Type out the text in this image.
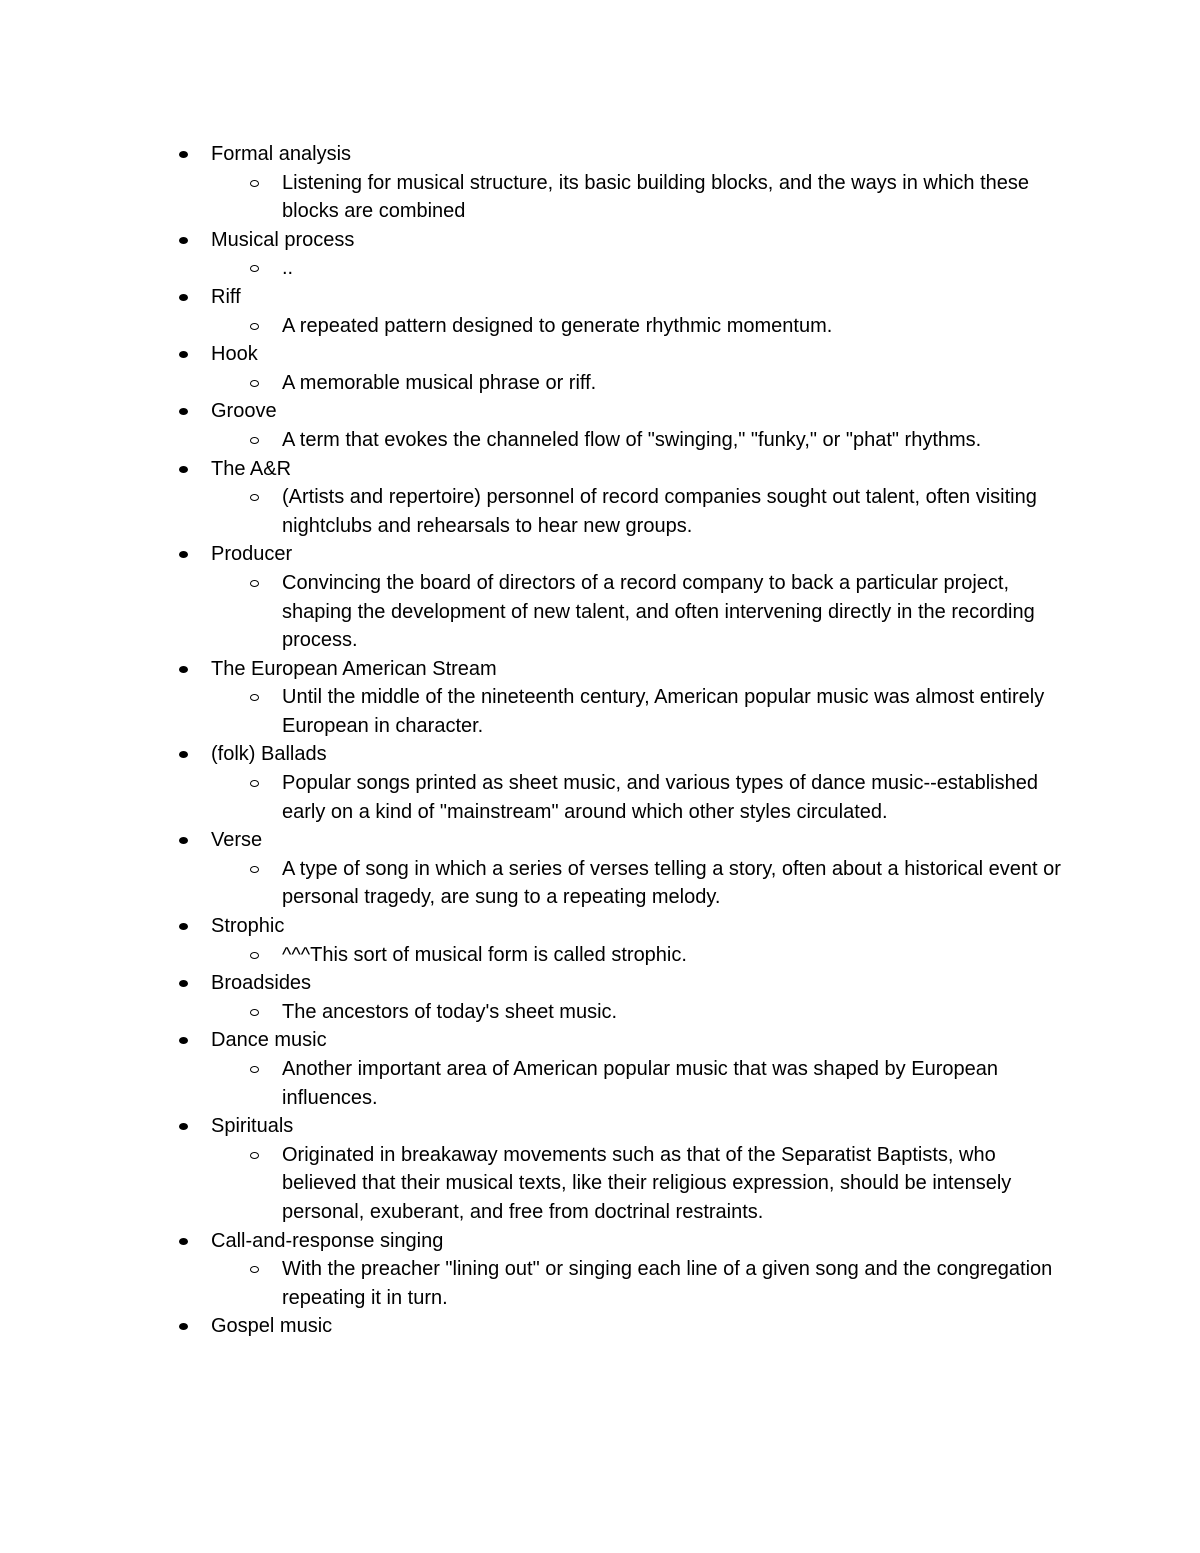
Formal analysis
Listening for musical structure, its basic building blocks, and the ways in which these blocks are combined
Musical process
..
Riff
A repeated pattern designed to generate rhythmic momentum.
Hook
A memorable musical phrase or riff.
Groove
A term that evokes the channeled flow of "swinging," "funky," or "phat" rhythms.
The A&R
(Artists and repertoire) personnel of record companies sought out talent, often visiting nightclubs and rehearsals to hear new groups.
Producer
Convincing the board of directors of a record company to back a particular project, shaping the development of new talent, and often intervening directly in the recording process.
The European American Stream
Until the middle of the nineteenth century, American popular music was almost entirely European in character.
(folk) Ballads
Popular songs printed as sheet music, and various types of dance music--established early on a kind of "mainstream" around which other styles circulated.
Verse
A type of song in which a series of verses telling a story, often about a historical event or personal tragedy, are sung to a repeating melody.
Strophic
^^^This sort of musical form is called strophic.
Broadsides
The ancestors of today's sheet music.
Dance music
Another important area of American popular music that was shaped by European influences.
Spirituals
Originated in breakaway movements such as that of the Separatist Baptists, who believed that their musical texts, like their religious expression, should be intensely personal, exuberant, and free from doctrinal restraints.
Call-and-response singing
With the preacher "lining out" or singing each line of a given song and the congregation repeating it in turn.
Gospel music
